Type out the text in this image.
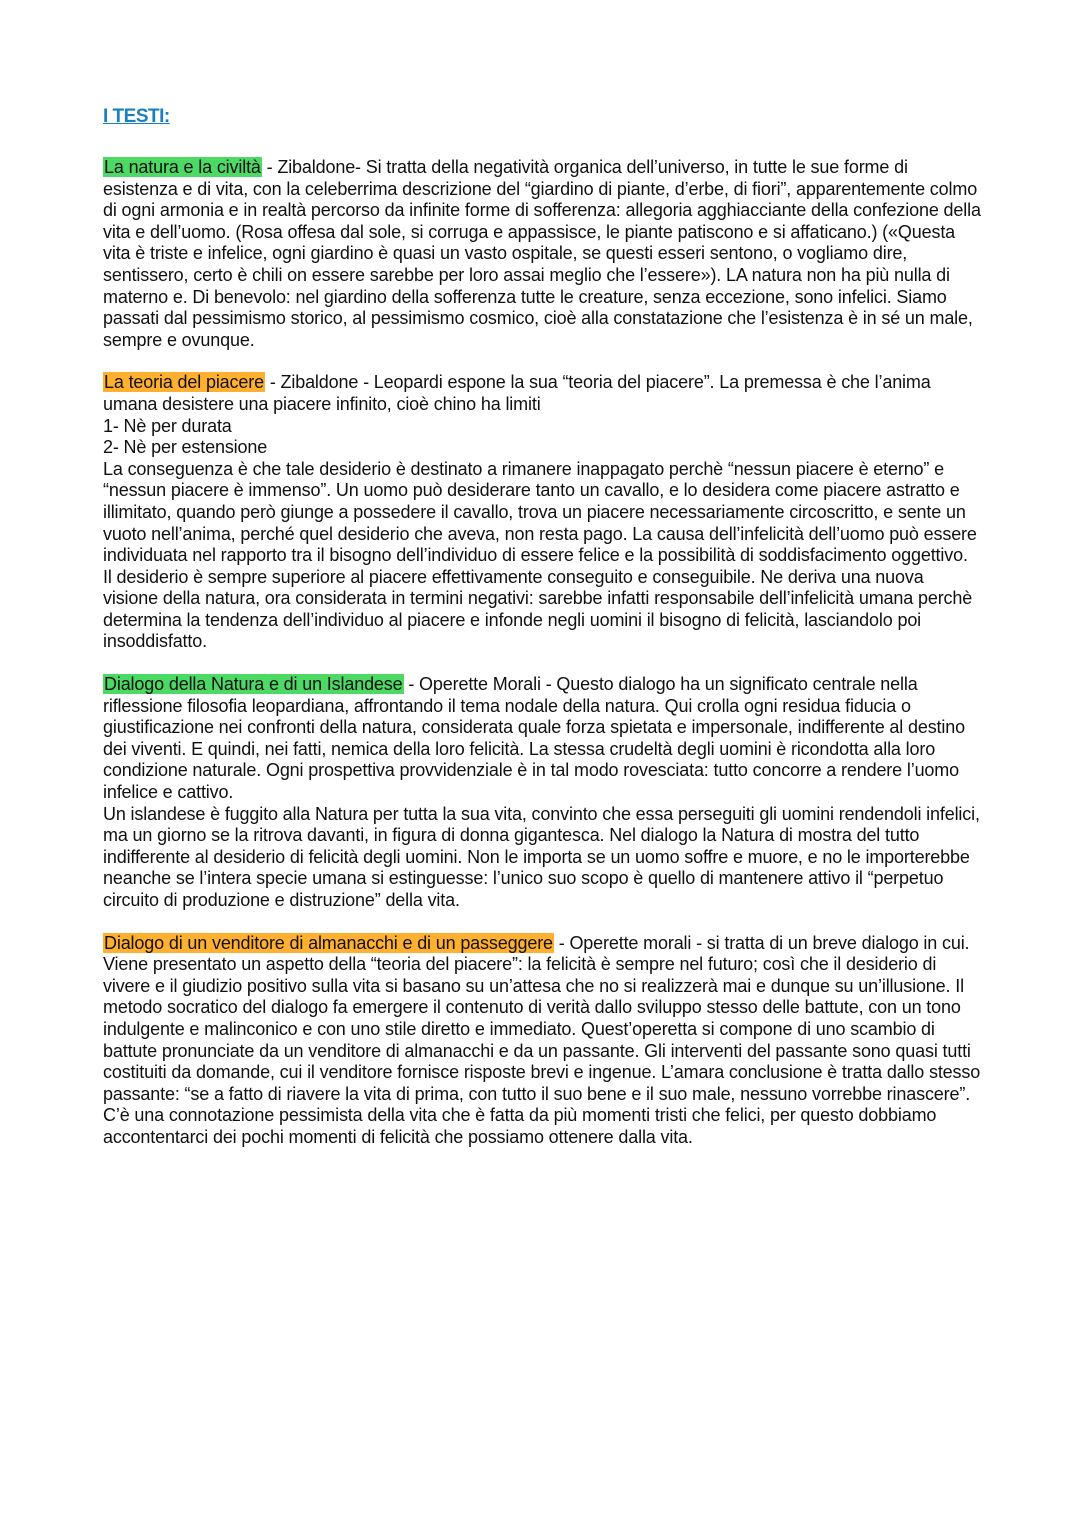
I TESTI:

La natura e la civiltà - Zibaldone- Si tratta della negatività organica dell’universo, in tutte le sue forme di esistenza e di vita, con la celeberrima descrizione del “giardino di piante, d’erbe, di fiori”, apparentemente colmo di ogni armonia e in realtà percorso da infinite forme di sofferenza: allegoria agghiacciante della confezione della vita e dell’uomo. (Rosa offesa dal sole, si corruga e appassisce, le piante patiscono e si affaticano.) («Questa vita è triste e infelice, ogni giardino è quasi un vasto ospitale, se questi esseri sentono, o vogliamo dire, sentissero, certo è chili on essere sarebbe per loro assai meglio che l’essere»). LA natura non ha più nulla di materno e. Di benevolo: nel giardino della sofferenza tutte le creature, senza eccezione, sono infelici. Siamo passati dal pessimismo storico, al pessimismo cosmico, cioè alla constatazione che l’esistenza è in sé un male, sempre e ovunque.

La teoria del piacere - Zibaldone - Leopardi espone la sua “teoria del piacere”. La premessa è che l’anima umana desistere una piacere infinito, cioè chino ha limiti

1- Nè per durata

2- Nè per estensione

La conseguenza è che tale desiderio è destinato a rimanere inappagato perchè “nessun piacere è eterno” e “nessun piacere è immenso”. Un uomo può desiderare tanto un cavallo, e lo desidera come piacere astratto e illimitato, quando però giunge a possedere il cavallo, trova un piacere necessariamente circoscritto, e sente un vuoto nell’anima, perché quel desiderio che aveva, non resta pago. La causa dell’infelicità dell’uomo può essere individuata nel rapporto tra il bisogno dell’individuo di essere felice e la possibilità di soddisfacimento oggettivo. Il desiderio è sempre superiore al piacere effettivamente conseguito e conseguibile. Ne deriva una nuova visione della natura, ora considerata in termini negativi: sarebbe infatti responsabile dell’infelicità umana perchè determina la tendenza dell’individuo al piacere e infonde negli uomini il bisogno di felicità, lasciandolo poi insoddisfatto.

Dialogo della Natura e di un Islandese - Operette Morali - Questo dialogo ha un significato centrale nella riflessione filosofia leopardiana, affrontando il tema nodale della natura. Qui crolla ogni residua fiducia o giustificazione nei confronti della natura, considerata quale forza spietata e impersonale, indifferente al destino dei viventi. E quindi, nei fatti, nemica della loro felicità. La stessa crudeltà degli uomini è ricondotta alla loro condizione naturale. Ogni prospettiva provvidenziale è in tal modo rovesciata: tutto concorre a rendere l’uomo infelice e cattivo.

Un islandese è fuggito alla Natura per tutta la sua vita, convinto che essa perseguiti gli uomini rendendoli infelici, ma un giorno se la ritrova davanti, in figura di donna gigantesca. Nel dialogo la Natura di mostra del tutto indifferente al desiderio di felicità degli uomini. Non le importa se un uomo soffre e muore, e no le importerebbe neanche se l’intera specie umana si estinguesse: l’unico suo scopo è quello di mantenere attivo il “perpetuo circuito di produzione e distruzione” della vita.

Dialogo di un venditore di almanacchi e di un passeggere - Operette morali - si tratta di un breve dialogo in cui. Viene presentato un aspetto della “teoria del piacere”: la felicità è sempre nel futuro; così che il desiderio di vivere e il giudizio positivo sulla vita si basano su un’attesa che no si realizzerà mai e dunque su un’illusione. Il metodo socratico del dialogo fa emergere il contenuto di verità dallo sviluppo stesso delle battute, con un tono indulgente e malinconico e con uno stile diretto e immediato. Quest’operetta si compone di uno scambio di battute pronunciate da un venditore di almanacchi e da un passante. Gli interventi del passante sono quasi tutti costituiti da domande, cui il venditore fornisce risposte brevi e ingenue. L’amara conclusione è tratta dallo stesso passante: “se a fatto di riavere la vita di prima, con tutto il suo bene e il suo male, nessuno vorrebbe rinascere”. C’è una connotazione pessimista della vita che è fatta da più momenti tristi che felici, per questo dobbiamo accontentarci dei pochi momenti di felicità che possiamo ottenere dalla vita.
